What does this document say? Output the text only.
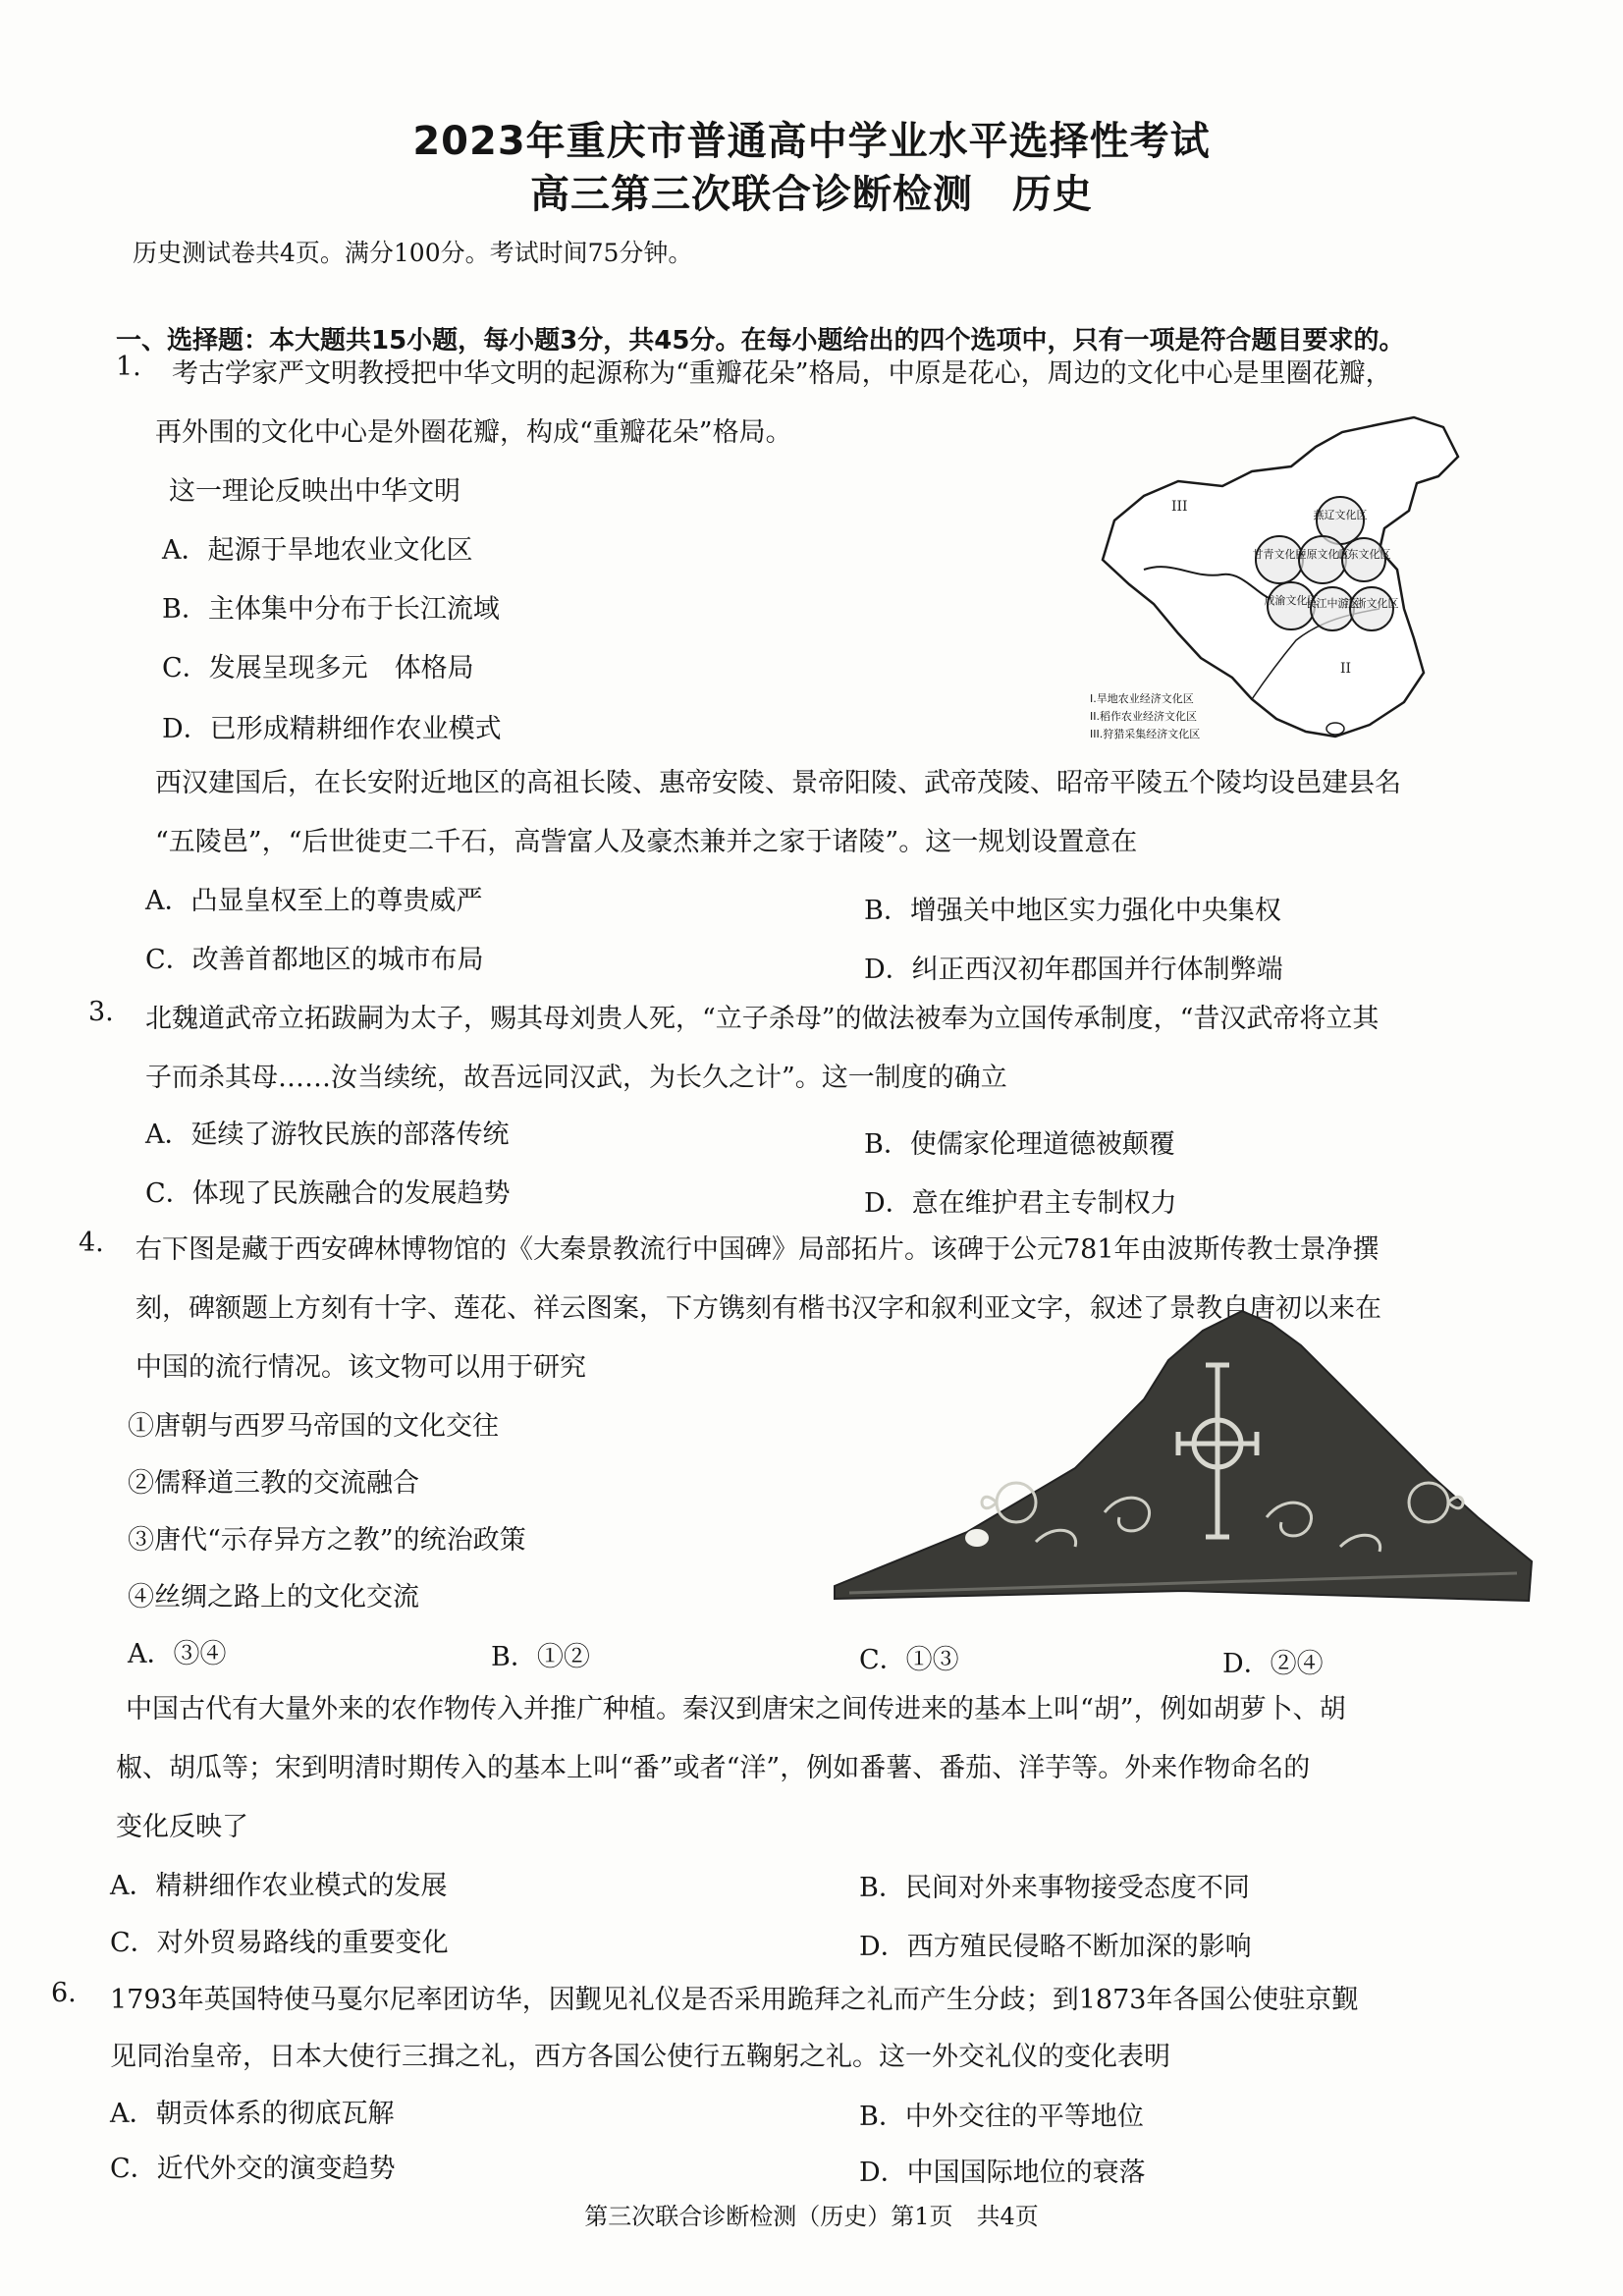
2023年重庆市普通高中学业水平选择性考试
高三第三次联合诊断检测 历史
历史测试卷共4页。满分100分。考试时间75分钟。
一、选择题：本大题共15小题，每小题3分，共45分。在每小题给出的四个选项中，只有一项是符合题目要求的。
1. 考古学家严文明教授把中华文明的起源称为“重瓣花朵”格局，中原是花心，周边的文化中心是里圈花瓣，
再外围的文化中心是外圈花瓣，构成“重瓣花朵”格局。
这一理论反映出中华文明
A．起源于旱地农业文化区
B．主体集中分布于长江流域
C．发展呈现多元　体格局
D．已形成精耕细作农业模式
III
II
燕辽文化区
甘青文化区
中原文化区
山东文化区
成渝文化区
长江中游区
江浙文化区
I.旱地农业经济文化区
II.稻作农业经济文化区
III.狩猎采集经济文化区
西汉建国后，在长安附近地区的高祖长陵、惠帝安陵、景帝阳陵、武帝茂陵、昭帝平陵五个陵均设邑建县名
“五陵邑”，“后世徙吏二千石，高訾富人及豪杰兼并之家于诸陵”。这一规划设置意在
A．凸显皇权至上的尊贵威严	B．增强关中地区实力强化中央集权
C．改善首都地区的城市布局	D．纠正西汉初年郡国并行体制弊端
3. 北魏道武帝立拓跋嗣为太子，赐其母刘贵人死，“立子杀母”的做法被奉为立国传承制度，“昔汉武帝将立其
子而杀其母……汝当续统，故吾远同汉武，为长久之计”。这一制度的确立
A．延续了游牧民族的部落传统	B．使儒家伦理道德被颠覆
C．体现了民族融合的发展趋势	D．意在维护君主专制权力
4. 右下图是藏于西安碑林博物馆的《大秦景教流行中国碑》局部拓片。该碑于公元781年由波斯传教士景净撰
刻，碑额题上方刻有十字、莲花、祥云图案，下方镌刻有楷书汉字和叙利亚文字，叙述了景教自唐初以来在
中国的流行情况。该文物可以用于研究
①唐朝与西罗马帝国的文化交往
②儒释道三教的交流融合
③唐代“示存异方之教”的统治政策
④丝绸之路上的文化交流
A．③④	B．①②	C．①③	D．②④
中国古代有大量外来的农作物传入并推广种植。秦汉到唐宋之间传进来的基本上叫“胡”，例如胡萝卜、胡
椒、胡瓜等；宋到明清时期传入的基本上叫“番”或者“洋”，例如番薯、番茄、洋芋等。外来作物命名的
变化反映了
A．精耕细作农业模式的发展	B．民间对外来事物接受态度不同
C．对外贸易路线的重要变化	D．西方殖民侵略不断加深的影响
6. 1793年英国特使马戛尔尼率团访华，因觐见礼仪是否采用跪拜之礼而产生分歧；到1873年各国公使驻京觐
见同治皇帝，日本大使行三揖之礼，西方各国公使行五鞠躬之礼。这一外交礼仪的变化表明
A．朝贡体系的彻底瓦解	B．中外交往的平等地位
C．近代外交的演变趋势	D．中国国际地位的衰落
第三次联合诊断检测（历史）第1页　共4页
